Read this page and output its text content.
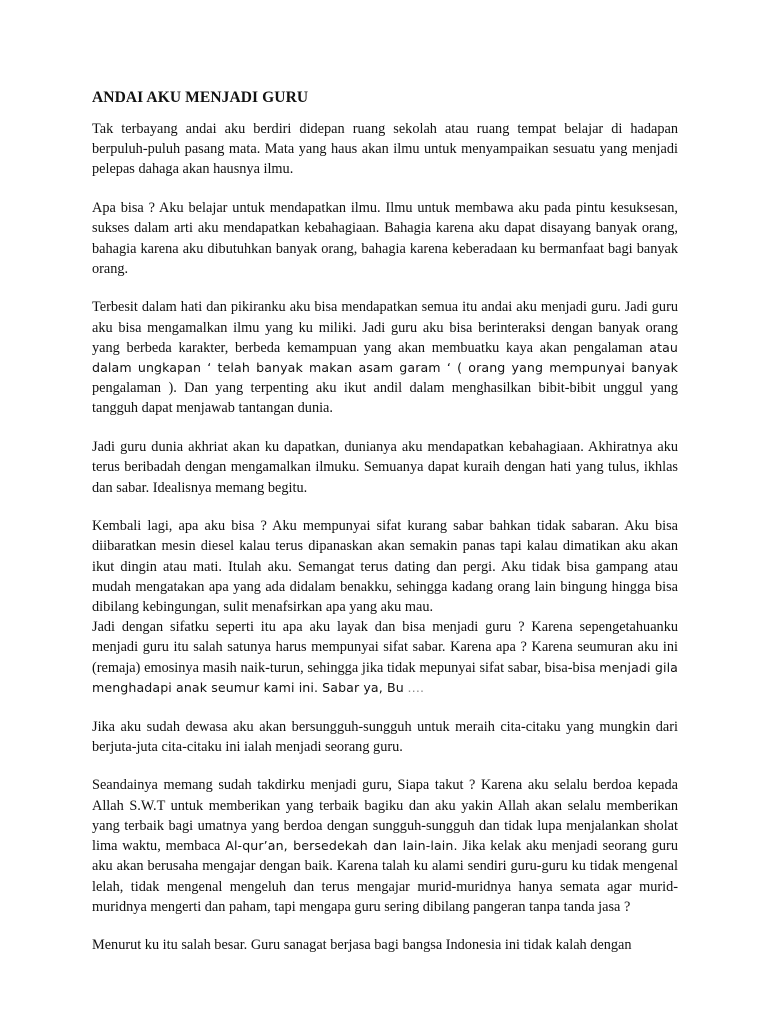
ANDAI AKU MENJADI GURU

Tak terbayang andai aku berdiri didepan ruang sekolah atau ruang tempat belajar di hadapan berpuluh-puluh pasang mata. Mata yang haus akan ilmu untuk menyampaikan sesuatu yang menjadi pelepas dahaga akan hausnya ilmu.

Apa bisa ? Aku belajar untuk mendapatkan ilmu. Ilmu untuk membawa aku pada pintu kesuksesan, sukses dalam arti aku mendapatkan kebahagiaan. Bahagia karena aku dapat disayang banyak orang, bahagia karena aku dibutuhkan banyak orang, bahagia karena keberadaan ku bermanfaat bagi banyak orang.

Terbesit dalam hati dan pikiranku aku bisa mendapatkan semua itu andai aku menjadi guru. Jadi guru aku bisa mengamalkan ilmu yang ku miliki. Jadi guru aku bisa berinteraksi dengan banyak orang yang berbeda karakter, berbeda kemampuan yang akan membuatku kaya akan pengalaman atau dalam ungkapan ‘ telah banyak makan asam garam ‘ ( orang yang mempunyai banyak pengalaman ). Dan yang terpenting aku ikut andil dalam menghasilkan bibit-bibit unggul yang tangguh dapat menjawab tantangan dunia.

Jadi guru dunia akhriat akan ku dapatkan, dunianya aku mendapatkan kebahagiaan. Akhiratnya aku terus beribadah dengan mengamalkan ilmuku. Semuanya dapat kuraih dengan hati yang tulus, ikhlas dan sabar. Idealisnya memang begitu.

Kembali lagi, apa aku bisa ? Aku mempunyai sifat kurang sabar bahkan tidak sabaran. Aku bisa diibaratkan mesin diesel kalau terus dipanaskan akan semakin panas tapi kalau dimatikan aku akan ikut dingin atau mati. Itulah aku. Semangat terus dating dan pergi. Aku tidak bisa gampang atau mudah mengatakan apa yang ada didalam benakku, sehingga kadang orang lain bingung hingga bisa dibilang kebingungan, sulit menafsirkan apa yang aku mau.

Jadi dengan sifatku seperti itu apa aku layak dan bisa menjadi guru ? Karena sepengetahuanku menjadi guru itu salah satunya harus mempunyai sifat sabar. Karena apa ? Karena seumuran aku ini (remaja) emosinya masih naik-turun, sehingga jika tidak mepunyai sifat sabar, bisa-bisa menjadi gila menghadapi anak seumur kami ini. Sabar ya, Bu ….

Jika aku sudah dewasa aku akan bersungguh-sungguh untuk meraih cita-citaku yang mungkin dari berjuta-juta cita-citaku ini ialah menjadi seorang guru.

Seandainya memang sudah takdirku menjadi guru, Siapa takut ? Karena aku selalu berdoa kepada Allah S.W.T untuk memberikan yang terbaik bagiku dan aku yakin Allah akan selalu memberikan yang terbaik bagi umatnya yang berdoa dengan sungguh-sungguh dan tidak lupa menjalankan sholat lima waktu, membaca Al-qur’an, bersedekah dan lain-lain. Jika kelak aku menjadi seorang guru aku akan berusaha mengajar dengan baik. Karena talah ku alami sendiri guru-guru ku tidak mengenal lelah, tidak mengenal mengeluh dan terus mengajar murid-muridnya hanya semata agar murid-muridnya mengerti dan paham, tapi mengapa guru sering dibilang pangeran tanpa tanda jasa ?

Menurut ku itu salah besar. Guru sanagat berjasa bagi bangsa Indonesia ini tidak kalah dengan
